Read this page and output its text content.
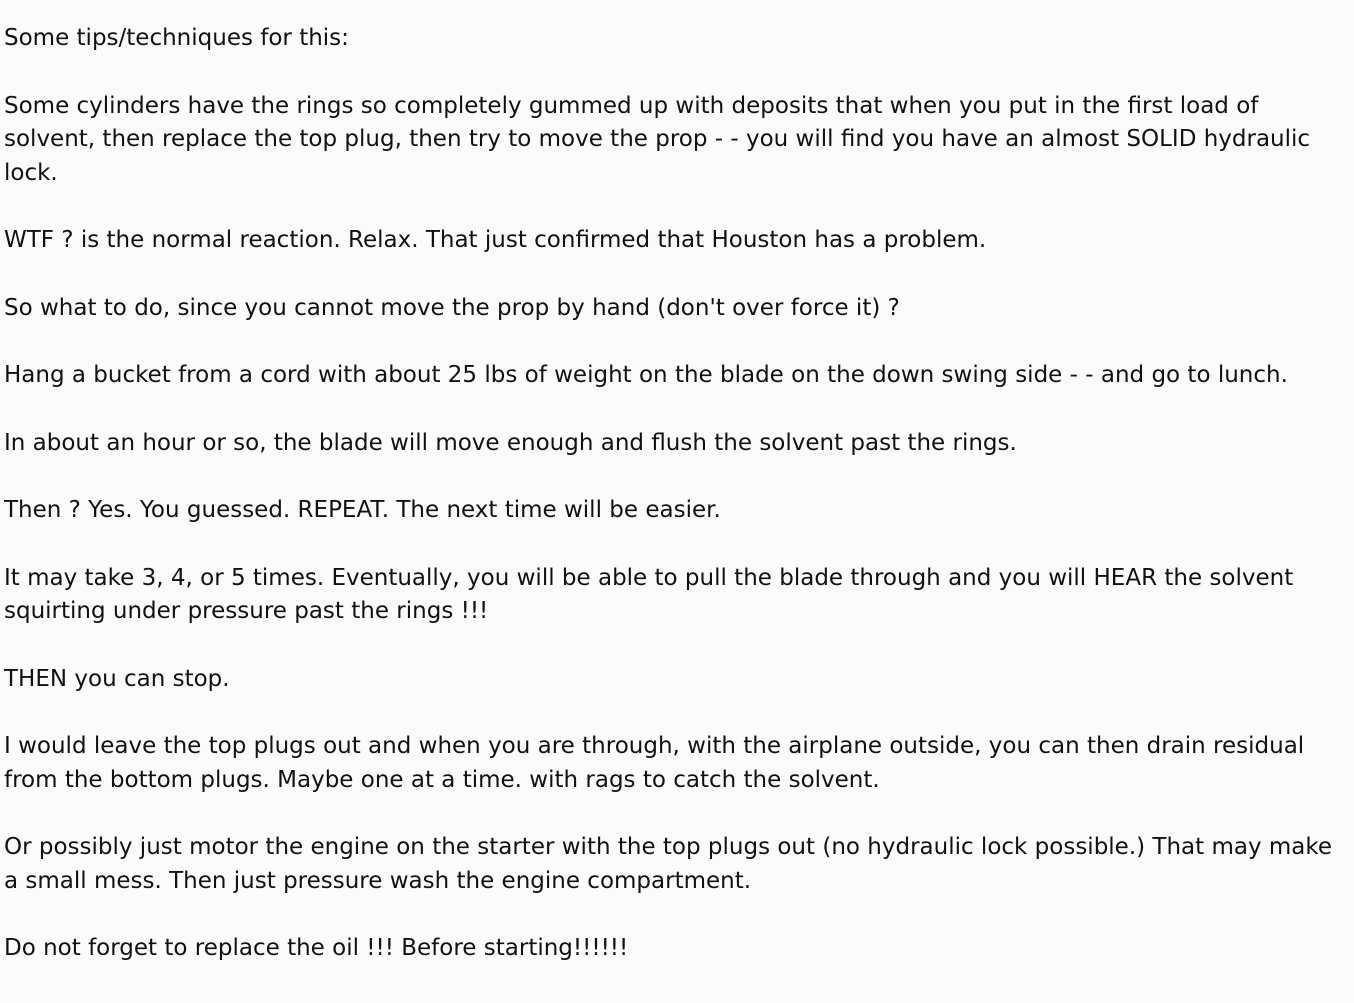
Some tips/techniques for this:

Some cylinders have the rings so completely gummed up with deposits that when you put in the first load of solvent, then replace the top plug, then try to move the prop - - you will find you have an almost SOLID hydraulic lock.

WTF ? is the normal reaction. Relax. That just confirmed that Houston has a problem.

So what to do, since you cannot move the prop by hand (don't over force it) ?

Hang a bucket from a cord with about 25 lbs of weight on the blade on the down swing side - - and go to lunch.

In about an hour or so, the blade will move enough and flush the solvent past the rings.

Then ? Yes. You guessed. REPEAT. The next time will be easier.

It may take 3, 4, or 5 times. Eventually, you will be able to pull the blade through and you will HEAR the solvent squirting under pressure past the rings !!!

THEN you can stop.

I would leave the top plugs out and when you are through, with the airplane outside, you can then drain residual from the bottom plugs. Maybe one at a time. with rags to catch the solvent.

Or possibly just motor the engine on the starter with the top plugs out (no hydraulic lock possible.) That may make a small mess. Then just pressure wash the engine compartment.

Do not forget to replace the oil !!! Before starting!!!!!!
